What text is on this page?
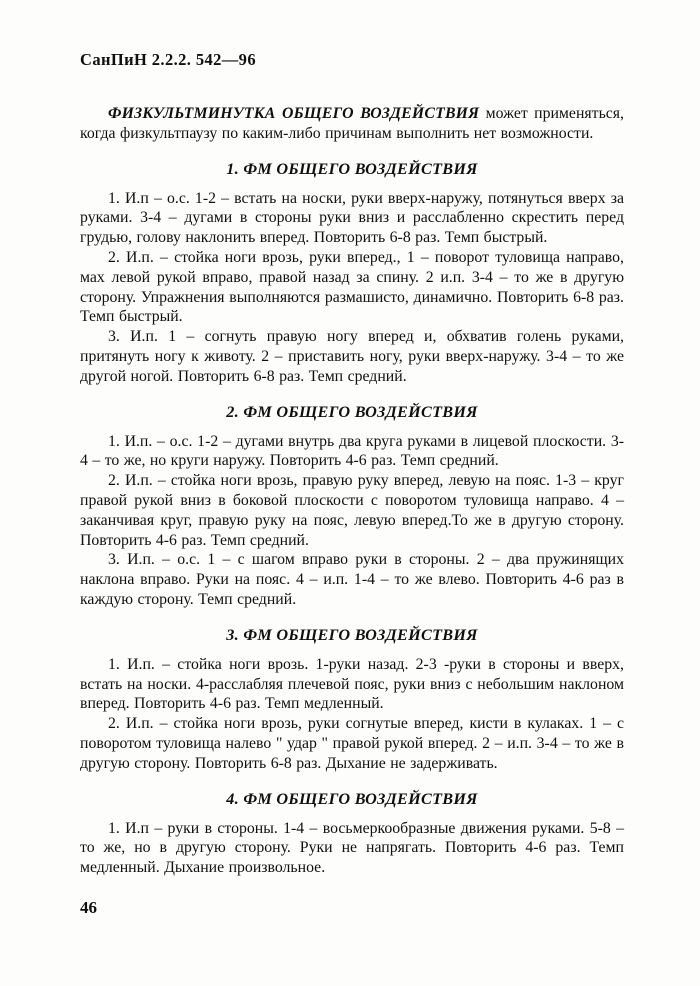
СанПиН 2.2.2. 542—96

ФИЗКУЛЬТМИНУТКА ОБЩЕГО ВОЗДЕЙСТВИЯ может применяться, когда физкультпаузу по каким-либо причинам выполнить нет возможности.

1. ФМ ОБЩЕГО ВОЗДЕЙСТВИЯ

1. И.п – о.с. 1-2 – встать на носки, руки вверх-наружу, потянуться вверх за руками. 3-4 – дугами в стороны руки вниз и расслабленно скрестить перед грудью, голову наклонить вперед. Повторить 6-8 раз. Темп быстрый.

2. И.п. – стойка ноги врозь, руки вперед., 1 – поворот туловища направо, мах левой рукой вправо, правой назад за спину. 2 и.п. 3-4 – то же в другую сторону. Упражнения выполняются размашисто, динамично. Повторить 6-8 раз. Темп быстрый.

3. И.п. 1 – согнуть правую ногу вперед и, обхватив голень руками, притянуть ногу к животу. 2 – приставить ногу, руки вверх-наружу. 3-4 – то же другой ногой. Повторить 6-8 раз. Темп средний.

2. ФМ ОБЩЕГО ВОЗДЕЙСТВИЯ

1. И.п. – о.с. 1-2 – дугами внутрь два круга руками в лицевой плоскости. 3-4 – то же, но круги наружу. Повторить 4-6 раз. Темп средний.

2. И.п. – стойка ноги врозь, правую руку вперед, левую на пояс. 1-3 – круг правой рукой вниз в боковой плоскости с поворотом туловища направо. 4 – заканчивая круг, правую руку на пояс, левую вперед.То же в другую сторону. Повторить 4-6 раз. Темп средний.

3. И.п. – о.с. 1 – с шагом вправо руки в стороны. 2 – два пружинящих наклона вправо. Руки на пояс. 4 – и.п. 1-4 – то же влево. Повторить 4-6 раз в каждую сторону. Темп средний.

3. ФМ ОБЩЕГО ВОЗДЕЙСТВИЯ

1. И.п. – стойка ноги врозь. 1-руки назад. 2-3 -руки в стороны и вверх, встать на носки. 4-расслабляя плечевой пояс, руки вниз с небольшим наклоном вперед. Повторить 4-6 раз. Темп медленный.

2. И.п. – стойка ноги врозь, руки согнутые вперед, кисти в кулаках. 1 – с поворотом туловища налево " удар " правой рукой вперед. 2 – и.п. 3-4 – то же в другую сторону. Повторить 6-8 раз. Дыхание не задерживать.

4. ФМ ОБЩЕГО ВОЗДЕЙСТВИЯ

1. И.п – руки в стороны. 1-4 – восьмеркообразные движения руками. 5-8 – то же, но в другую сторону. Руки не напрягать. Повторить 4-6 раз. Темп медленный. Дыхание произвольное.

46
